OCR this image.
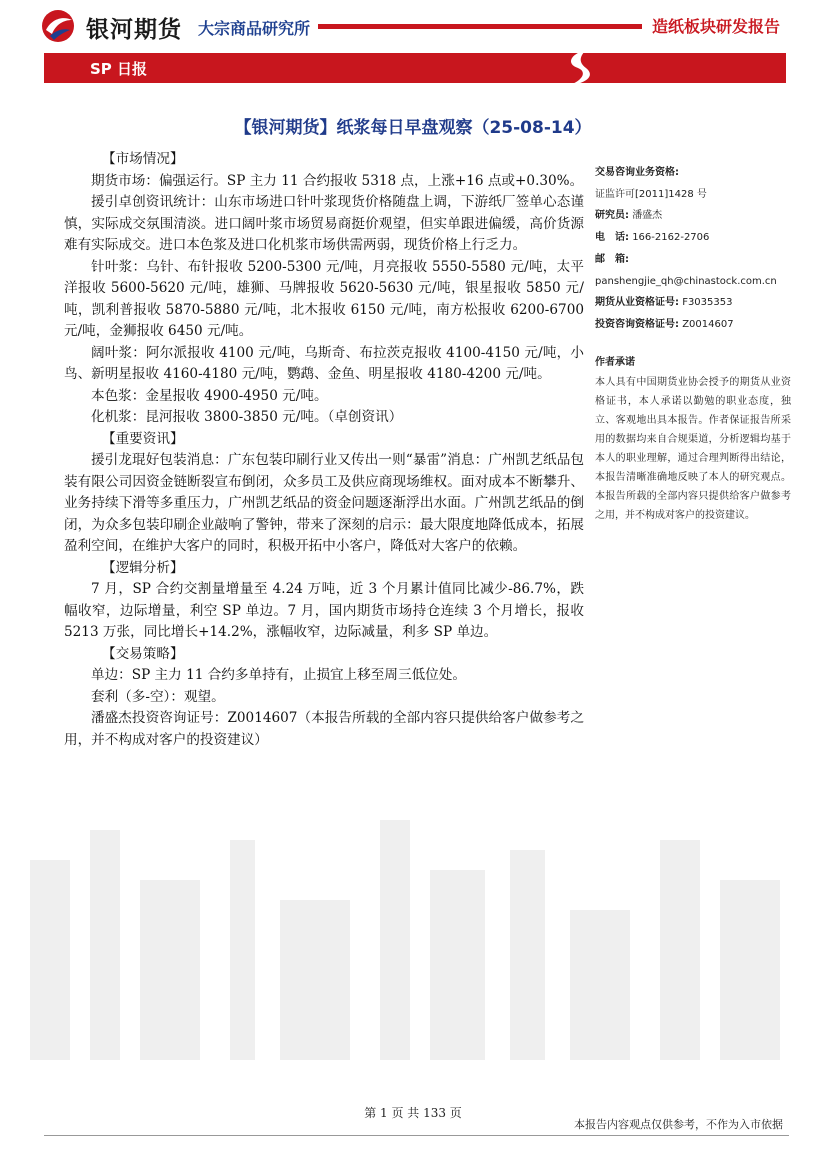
银河期货 大宗商品研究所	造纸板块研发报告
SP 日报
【银河期货】纸浆每日早盘观察（25-08-14）

【市场情况】

期货市场：偏强运行。SP 主力 11 合约报收 5318 点，上涨+16 点或+0.30%。

援引卓创资讯统计：山东市场进口针叶浆现货价格随盘上调，下游纸厂签单心态谨慎，实际成交氛围清淡。进口阔叶浆市场贸易商挺价观望，但实单跟进偏缓，高价货源难有实际成交。进口本色浆及进口化机浆市场供需两弱，现货价格上行乏力。

针叶浆：乌针、布针报收 5200-5300 元/吨，月亮报收 5550-5580 元/吨，太平洋报收 5600-5620 元/吨，雄狮、马牌报收 5620-5630 元/吨，银星报收 5850 元/吨，凯利普报收 5870-5880 元/吨，北木报收 6150 元/吨，南方松报收 6200-6700 元/吨，金狮报收 6450 元/吨。

阔叶浆：阿尔派报收 4100 元/吨，乌斯奇、布拉茨克报收 4100-4150 元/吨，小鸟、新明星报收 4160-4180 元/吨，鹦鹉、金鱼、明星报收 4180-4200 元/吨。

本色浆：金星报收 4900-4950 元/吨。

化机浆：昆河报收 3800-3850 元/吨。（卓创资讯）

【重要资讯】

援引龙琨好包装消息：广东包装印刷行业又传出一则“暴雷”消息：广州凯艺纸品包装有限公司因资金链断裂宣布倒闭，众多员工及供应商现场维权。面对成本不断攀升、业务持续下滑等多重压力，广州凯艺纸品的资金问题逐渐浮出水面。广州凯艺纸品的倒闭，为众多包装印刷企业敲响了警钟，带来了深刻的启示：最大限度地降低成本，拓展盈利空间，在维护大客户的同时，积极开拓中小客户，降低对大客户的依赖。

【逻辑分析】

7 月，SP 合约交割量增量至 4.24 万吨，近 3 个月累计值同比减少-86.7%，跌幅收窄，边际增量，利空 SP 单边。7 月，国内期货市场持仓连续 3 个月增长，报收 5213 万张，同比增长+14.2%，涨幅收窄，边际减量，利多 SP 单边。

【交易策略】

单边：SP 主力 11 合约多单持有，止损宜上移至周三低位处。

套利（多-空）：观望。

潘盛杰投资咨询证号：Z0014607（本报告所载的全部内容只提供给客户做参考之用，并不构成对客户的投资建议）

交易咨询业务资格:
证监许可[2011]1428 号
研究员: 潘盛杰
电　话: 166-2162-2706
邮　箱:
panshengjie_qh@chinastock.com.cn
期货从业资格证号: F3035353
投资咨询资格证号: Z0014607
作者承诺
本人具有中国期货业协会授予的期货从业资格证书，本人承诺以勤勉的职业态度，独立、客观地出具本报告。作者保证报告所采用的数据均来自合规渠道，分析逻辑均基于本人的职业理解，通过合理判断得出结论，本报告清晰准确地反映了本人的研究观点。本报告所载的全部内容只提供给客户做参考之用，并不构成对客户的投资建议。
第 1 页 共 133 页
本报告内容观点仅供参考，不作为入市依据
